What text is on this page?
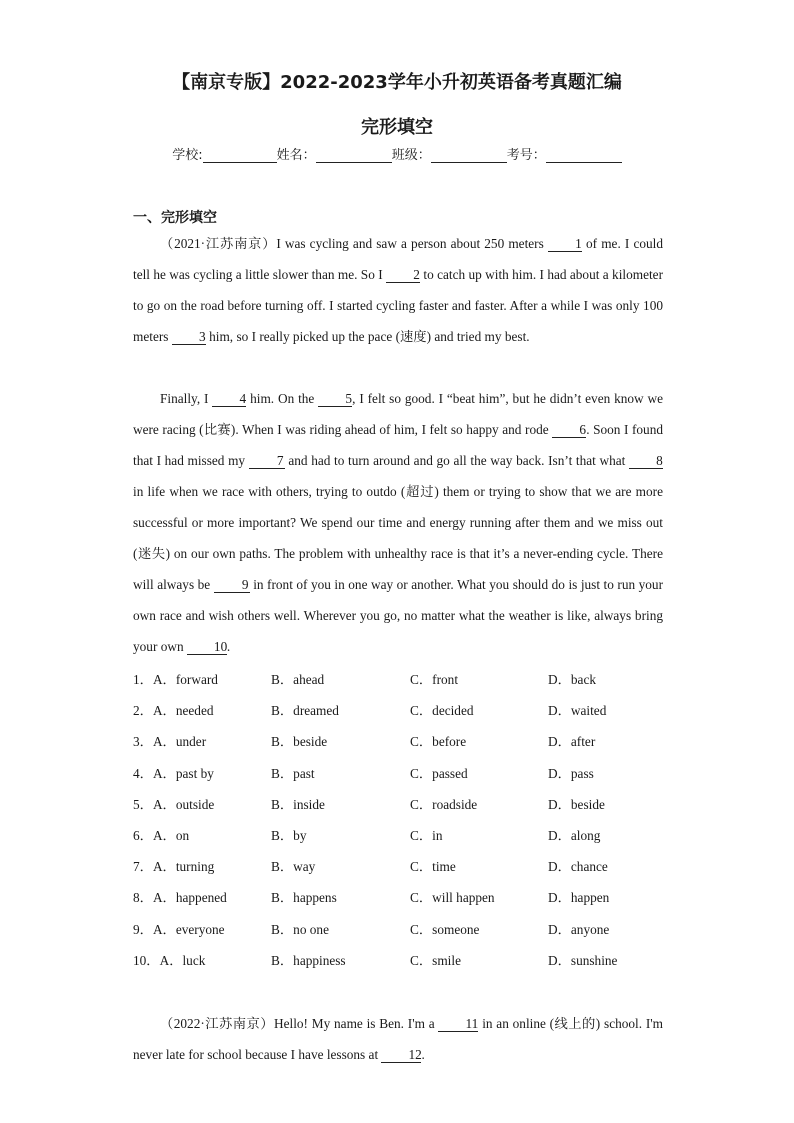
【南京专版】2022-2023学年小升初英语备考真题汇编
完形填空
学校:	姓名：	班级：	考号：
一、完形填空

（2021·江苏南京）I was cycling and saw a person about 250 meters 1 of me. I could tell he was cycling a little slower than me. So I 2 to catch up with him. I had about a kilometer to go on the road before turning off. I started cycling faster and faster. After a while I was only 100 meters 3 him, so I really picked up the pace (速度) and tried my best.

Finally, I 4 him. On the 5, I felt so good. I “beat him”, but he didn’t even know we were racing (比赛). When I was riding ahead of him, I felt so happy and rode 6. Soon I found that I had missed my 7 and had to turn around and go all the way back. Isn’t that what 8 in life when we race with others, trying to outdo (超过) them or trying to show that we are more successful or more important? We spend our time and energy running after them and we miss out (迷失) on our own paths. The problem with unhealthy race is that it’s a never-ending cycle. There will always be 9 in front of you in one way or another. What you should do is just to run your own race and wish others well. Wherever you go, no matter what the weather is like, always bring your own 10.

1．A．forward	B．ahead	C．front	D．back
2．A．needed	B．dreamed	C．decided	D．waited
3．A．under	B．beside	C．before	D．after
4．A．past by	B．past	C．passed	D．pass
5．A．outside	B．inside	C．roadside	D．beside
6．A．on	B．by	C．in	D．along
7．A．turning	B．way	C．time	D．chance
8．A．happened	B．happens	C．will happen	D．happen
9．A．everyone	B．no one	C．someone	D．anyone
10．A．luck	B．happiness	C．smile	D．sunshine

（2022·江苏南京）Hello! My name is Ben. I'm a 11 in an online (线上的) school. I'm never late for school because I have lessons at 12.
